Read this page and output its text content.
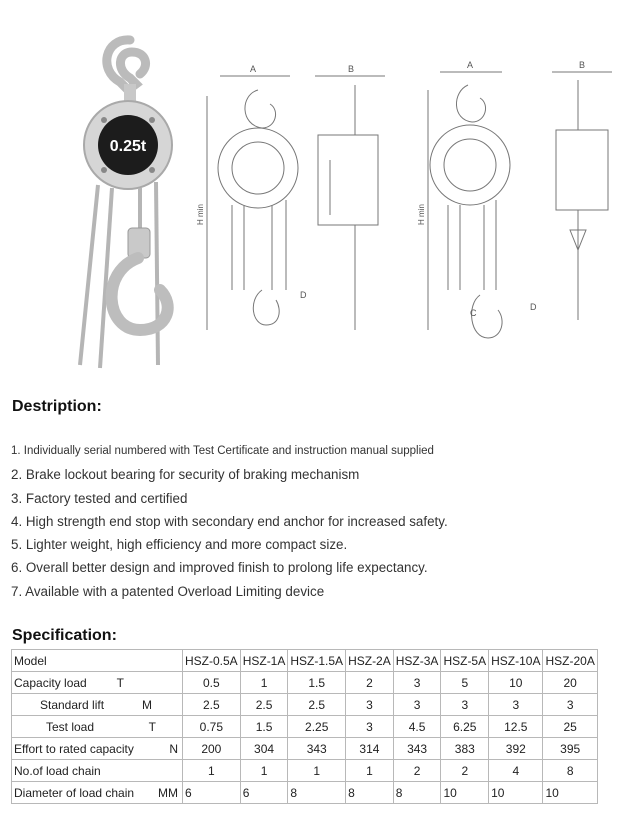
0.25t
A
H min
D
B	A
H min
C
D
B
Destription:
1. Individually serial numbered with Test Certificate and instruction manual supplied
2. Brake lockout bearing for security of braking mechanism
3. Factory tested and certified
4. High strength end stop with secondary end anchor for increased safety.
5. Lighter weight, high efficiency and more compact size.
6. Overall better design and improved finish to prolong life expectancy.
7. Available with a patented Overload Limiting device
Specification:
Model	HSZ-0.5A	HSZ-1A	HSZ-1.5A	HSZ-2A	HSZ-3A	HSZ-5A	HSZ-10A	HSZ-20A
Capacity load T	0.5	1	1.5	2	3	5	10	20
Standard lift M	2.5	2.5	2.5	3	3	3	3	3
Test load T	0.75	1.5	2.25	3	4.5	6.25	12.5	25
Effort to rated capacity N	200	304	343	314	343	383	392	395
No.of load chain	1	1	1	1	2	2	4	8
Diameter of load chain MM	6	6	8	8	8	10	10	10
